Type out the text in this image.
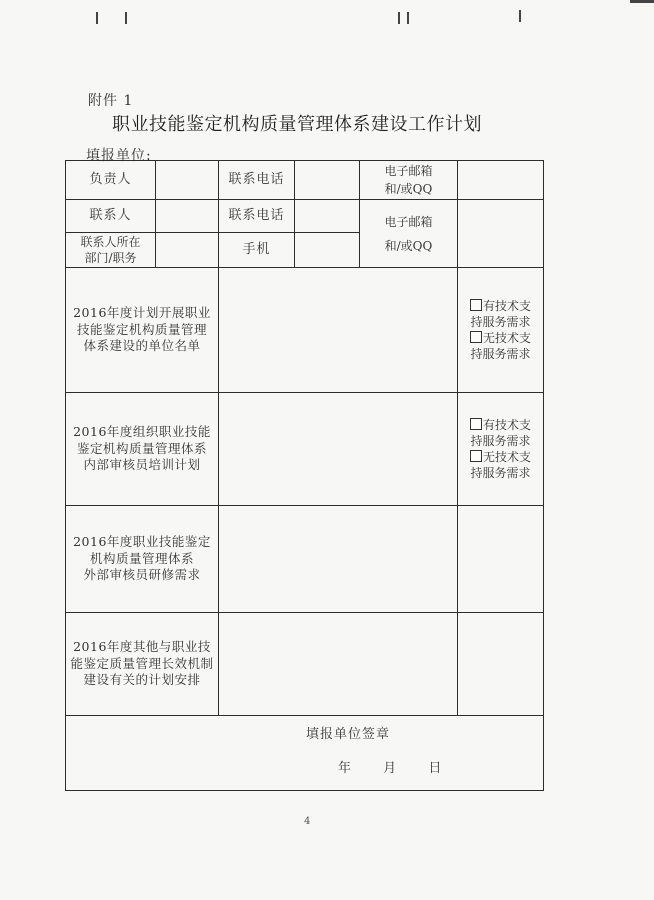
附件 1
职业技能鉴定机构质量管理体系建设工作计划
填报单位:
负责人		联系电话		电子邮箱
和/或QQ	

联系人		联系电话		电子邮箱
和/或QQ	

联系人所在
部门/职务		手机			

2016年度计划开展职业
技能鉴定机构质量管理
体系建设的单位名单					有技术支
持服务需求
无技术支
持服务需求

2016年度组织职业技能
鉴定机构质量管理体系
内部审核员培训计划					有技术支
持服务需求
无技术支
持服务需求

2016年度职业技能鉴定
机构质量管理体系
外部审核员研修需求					

2016年度其他与职业技
能鉴定质量管理长效机制
建设有关的计划安排					

填报单位签章
年 月 日					
4
